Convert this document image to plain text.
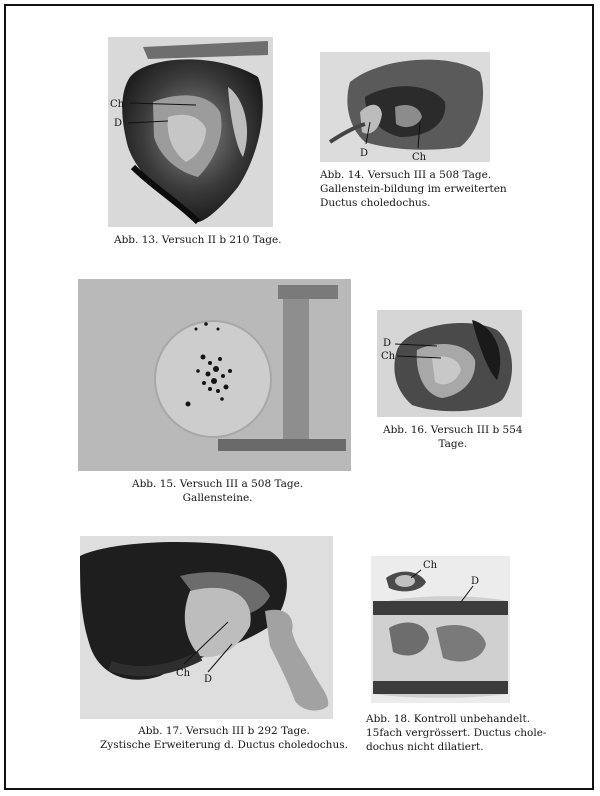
Ch
D
Abb. 13. Versuch II b 210 Tage.
D	Ch
Abb. 14. Versuch III a 508 Tage.
Gallenstein-bildung im erweiterten
Ductus choledochus.
Abb. 15. Versuch III a 508 Tage.
Gallensteine.
D
Ch
Abb. 16. Versuch III b 554
Tage.
Ch
D
Abb. 17. Versuch III b 292 Tage.
Zystische Erweiterung d. Ductus choledochus.
Ch
D
Abb. 18. Kontroll unbehandelt.
15fach vergrössert. Ductus chole-
dochus nicht dilatiert.
